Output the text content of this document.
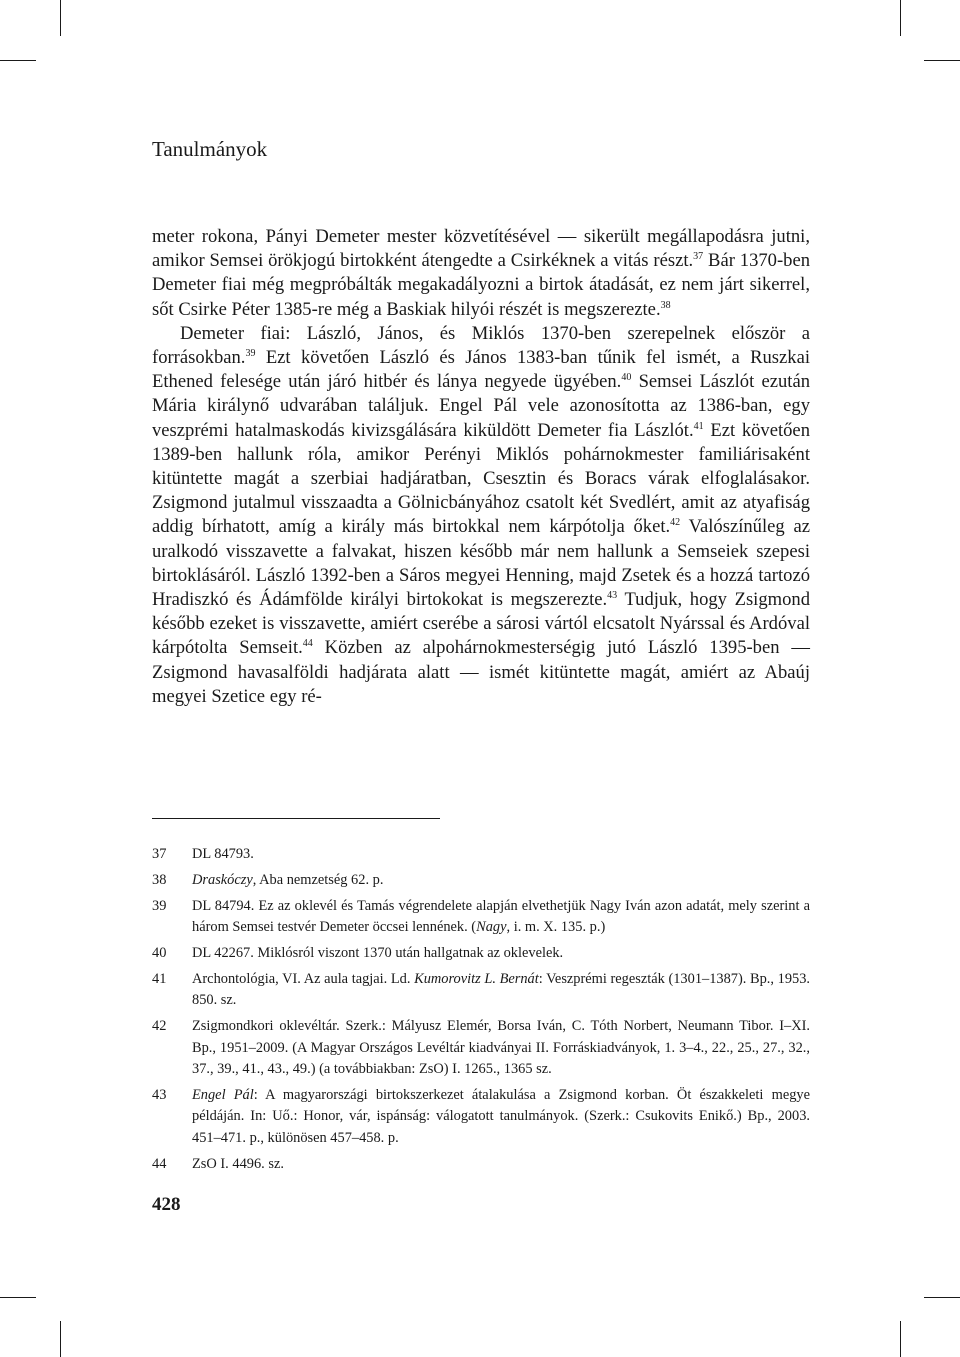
Tanulmányok

meter rokona, Pányi Demeter mester közvetítésével — sikerült megállapodásra jutni, amikor Semsei örökjogú birtokként átengedte a Csirkéknek a vitás részt.$^{37}$ Bár 1370-ben Demeter fiai még megpróbálták megakadályozni a birtok átadását, ez nem járt sikerrel, sőt Csirke Péter 1385-re még a Baskiak hilyói részét is megszerezte.$^{38}$

Demeter fiai: László, János, és Miklós 1370-ben szerepelnek először a forrásokban.$^{39}$ Ezt követően László és János 1383-ban tűnik fel ismét, a Ruszkai Ethened felesége után járó hitbér és lánya negyede ügyében.$^{40}$ Semsei Lászlót ezután Mária királynő udvarában találjuk. Engel Pál vele azonosította az 1386-ban, egy veszprémi hatalmaskodás kivizsgálására kiküldött Demeter fia Lászlót.$^{41}$ Ezt követően 1389-ben hallunk róla, amikor Perényi Miklós pohárnokmester familiárisaként kitüntette magát a szerbiai hadjáratban, Csesztin és Boracs várak elfoglalásakor. Zsigmond jutalmul visszaadta a Gölnicbányához csatolt két Svedlért, amit az atyafiság addig bírhatott, amíg a király más birtokkal nem kárpótolja őket.$^{42}$ Valószínűleg az uralkodó visszavette a falvakat, hiszen később már nem hallunk a Semseiek szepesi birtoklásáról. László 1392-ben a Sáros megyei Henning, majd Zsetek és a hozzá tartozó Hradiszkó és Ádámfölde királyi birtokokat is megszerezte.$^{43}$ Tudjuk, hogy Zsigmond később ezeket is visszavette, amiért cserébe a sárosi vártól elcsatolt Nyárssal és Ardóval kárpótolta Semseit.$^{44}$ Közben az alpohárnokmesterségig jutó László 1395-ben — Zsigmond havasalföldi hadjárata alatt — ismét kitüntette magát, amiért az Abaúj megyei Szetice egy ré-

37	DL 84793.
38	Draskóczy, Aba nemzetség 62. p.
39	DL 84794. Ez az oklevél és Tamás végrendelete alapján elvethetjük Nagy Iván azon adatát, mely szerint a három Semsei testvér Demeter öccsei lennének. (Nagy, i. m. X. 135. p.)
40	DL 42267. Miklósról viszont 1370 után hallgatnak az oklevelek.
41	Archontológia, VI. Az aula tagjai. Ld. Kumorovitz L. Bernát: Veszprémi regeszták (1301–1387). Bp., 1953. 850. sz.
42	Zsigmondkori oklevéltár. Szerk.: Mályusz Elemér, Borsa Iván, C. Tóth Norbert, Neumann Tibor. I–XI. Bp., 1951–2009. (A Magyar Országos Levéltár kiadványai II. Forráskiadványok, 1. 3–4., 22., 25., 27., 32., 37., 39., 41., 43., 49.) (a továbbiakban: ZsO) I. 1265., 1365 sz.
43	Engel Pál: A magyarországi birtokszerkezet átalakulása a Zsigmond korban. Öt északkeleti megye példáján. In: Uő.: Honor, vár, ispánság: válogatott tanulmányok. (Szerk.: Csukovits Enikő.) Bp., 2003. 451–471. p., különösen 457–458. p.
44	ZsO I. 4496. sz.
428
